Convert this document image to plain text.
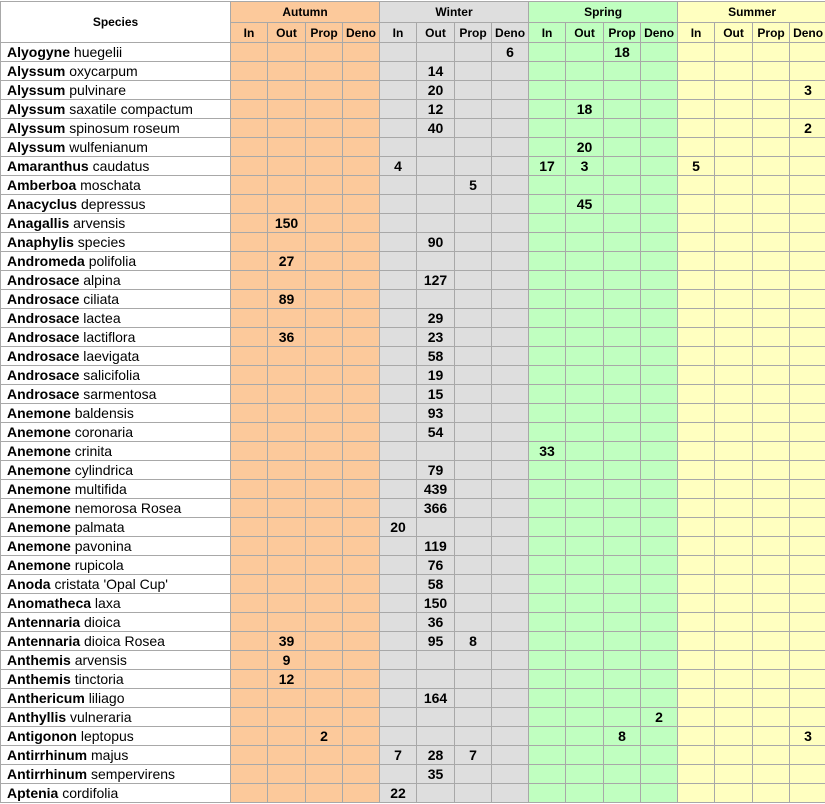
Species	Autumn				Winter				Spring				Summer			
	In	Out	Prop	Deno	In	Out	Prop	Deno	In	Out	Prop	Deno	In	Out	Prop	Deno
Alyogyne huegelii								6			18					
Alyssum oxycarpum						14										
Alyssum pulvinare						20										3
Alyssum saxatile compactum						12				18						
Alyssum spinosum roseum						40										2
Alyssum wulfenianum										20						
Amaranthus caudatus					4				17	3			5			
Amberboa moschata							5									
Anacyclus depressus										45						
Anagallis arvensis		150														
Anaphylis species						90										
Andromeda polifolia		27														
Androsace alpina						127										
Androsace ciliata		89														
Androsace lactea						29										
Androsace lactiflora		36				23										
Androsace laevigata						58										
Androsace salicifolia						19										
Androsace sarmentosa						15										
Anemone baldensis						93										
Anemone coronaria						54										
Anemone crinita									33							
Anemone cylindrica						79										
Anemone multifida						439										
Anemone nemorosa Rosea						366										
Anemone palmata					20											
Anemone pavonina						119										
Anemone rupicola						76										
Anoda cristata 'Opal Cup'						58										
Anomatheca laxa						150										
Antennaria dioica						36										
Antennaria dioica Rosea		39				95	8									
Anthemis arvensis		9														
Anthemis tinctoria		12														
Anthericum liliago						164										
Anthyllis vulneraria												2				
Antigonon leptopus			2								8					3
Antirrhinum majus					7	28	7									
Antirrhinum sempervirens						35										
Aptenia cordifolia					22											
